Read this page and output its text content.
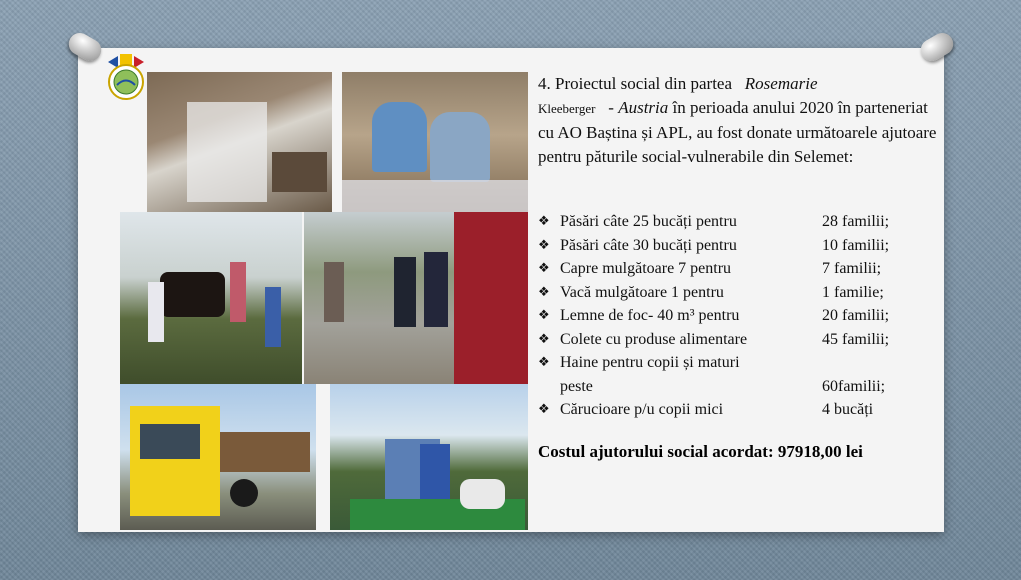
4. Proiectul social din partea Rosemarie
Kleeberger - Austria în perioada anului 2020 în parteneriat cu AO Baștina și APL, au fost donate următoarele ajutoare pentru păturile social-vulnerabile din Selemet:
❖ Păsări câte 25 bucăți pentru	28 familii;
❖ Păsări câte 30 bucăți pentru	10 familii;
❖ Capre mulgătoare 7 pentru	7 familii;
❖ Vacă mulgătoare 1 pentru	1 familie;
❖ Lemne de foc- 40 m³ pentru	20 familii;
❖ Colete cu produse alimentare	45 familii;
❖ Haine pentru copii și maturi
peste	60familii;
❖ Cărucioare p/u copii mici	4 bucăți
Costul ajutorului social acordat: 97918,00 lei
